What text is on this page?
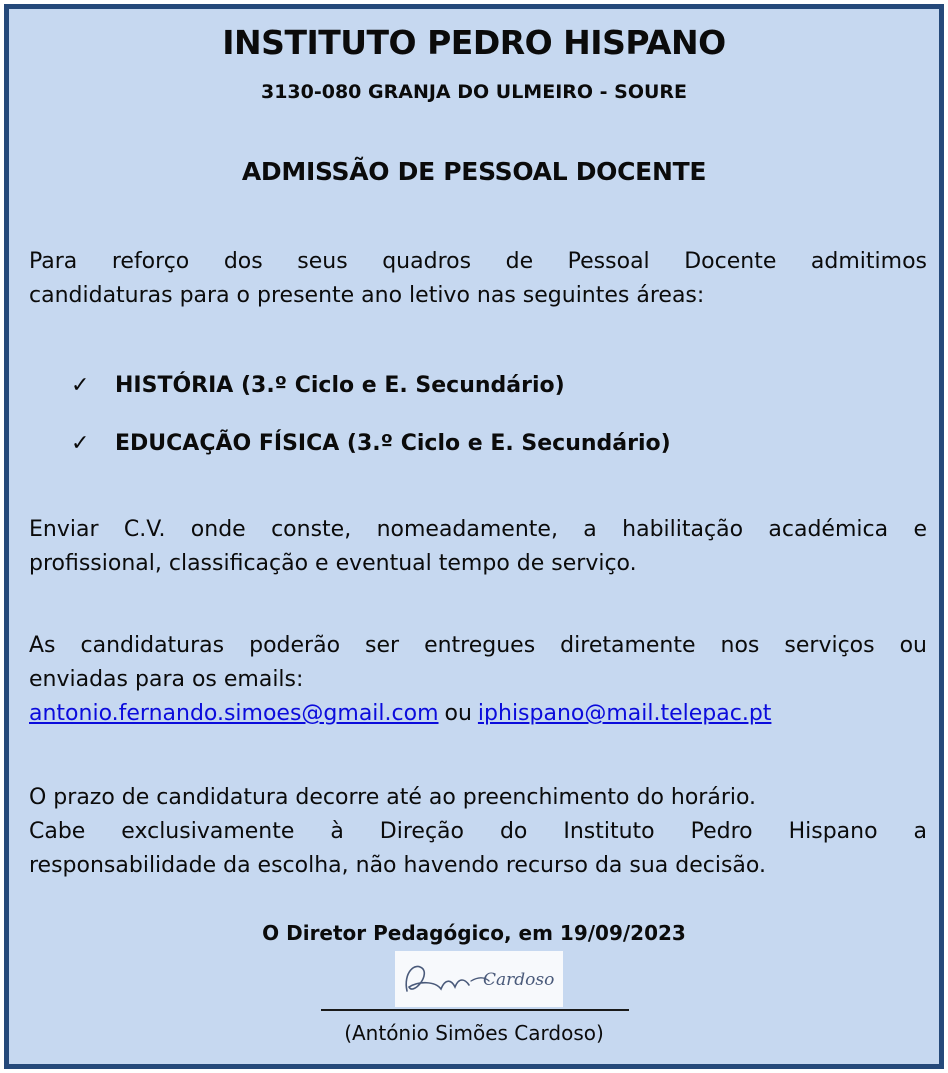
INSTITUTO PEDRO HISPANO
3130-080 GRANJA DO ULMEIRO - SOURE
ADMISSÃO DE PESSOAL DOCENTE
Para reforço dos seus quadros de Pessoal Docente admitimos
candidaturas para o presente ano letivo nas seguintes áreas:
✓ HISTÓRIA (3.º Ciclo e E. Secundário)
✓ EDUCAÇÃO FÍSICA (3.º Ciclo e E. Secundário)
Enviar C.V. onde conste, nomeadamente, a habilitação académica e
profissional, classificação e eventual tempo de serviço.
As candidaturas poderão ser entregues diretamente nos serviços ou
enviadas para os emails:
antonio.fernando.simoes@gmail.com ou iphispano@mail.telepac.pt
O prazo de candidatura decorre até ao preenchimento do horário.
Cabe exclusivamente à Direção do Instituto Pedro Hispano a
responsabilidade da escolha, não havendo recurso da sua decisão.
O Diretor Pedagógico, em 19/09/2023
Cardoso
(António Simões Cardoso)
